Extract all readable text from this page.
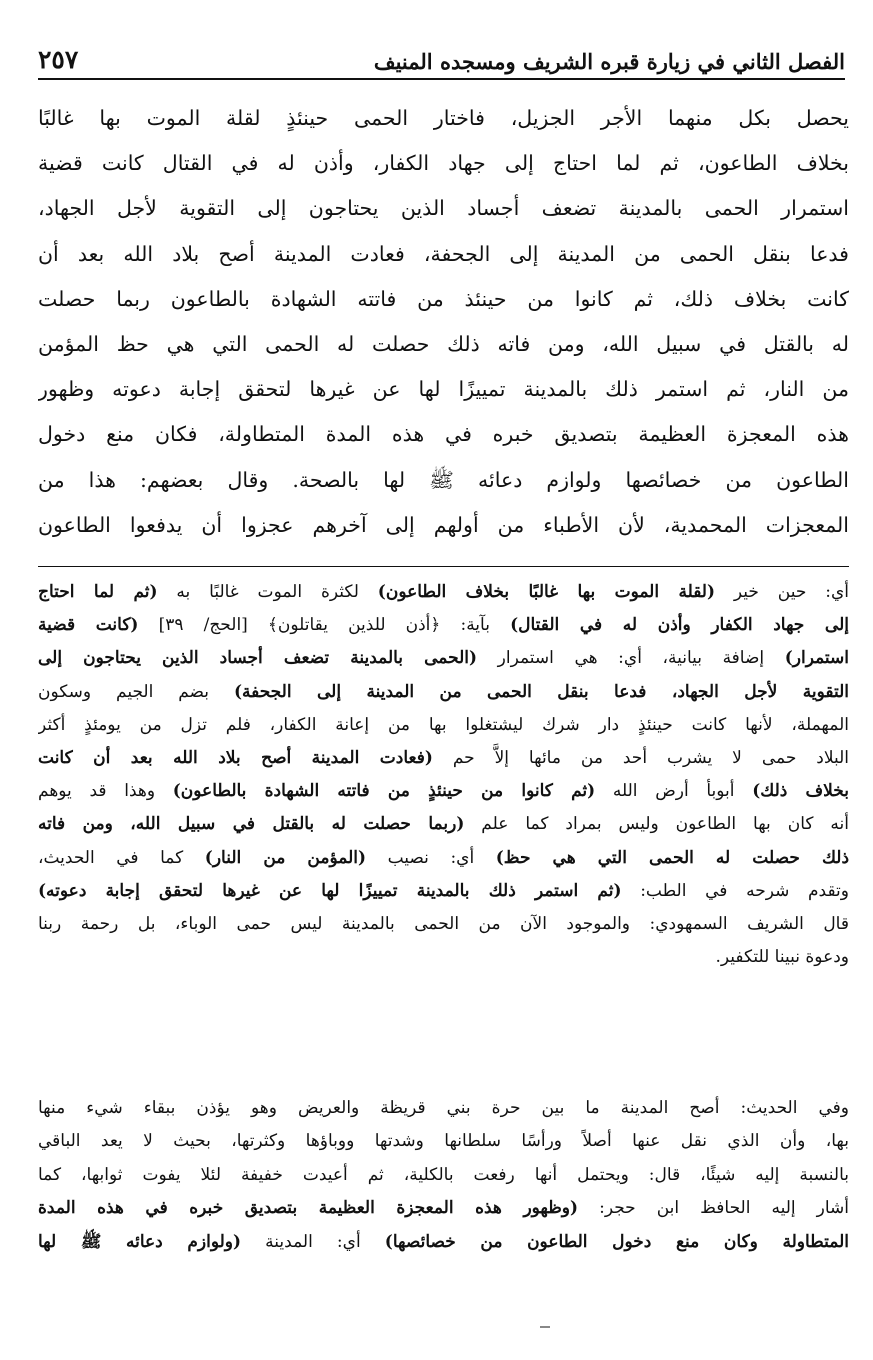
الفصل الثاني في زيارة قبره الشريف ومسجده المنيف
٢٥٧
يحصل بكل منهما الأجر الجزيل، فاختار الحمى حينئذٍ لقلة الموت بها غالبًا
بخلاف الطاعون، ثم لما احتاج إلى جهاد الكفار، وأذن له في القتال كانت قضية
استمرار الحمى بالمدينة تضعف أجساد الذين يحتاجون إلى التقوية لأجل الجهاد،
فدعا بنقل الحمى من المدينة إلى الجحفة، فعادت المدينة أصح بلاد الله بعد أن
كانت بخلاف ذلك، ثم كانوا من حينئذ من فاتته الشهادة بالطاعون ربما حصلت
له بالقتل في سبيل الله، ومن فاته ذلك حصلت له الحمى التي هي حظ المؤمن
من النار، ثم استمر ذلك بالمدينة تمييزًا لها عن غيرها لتحقق إجابة دعوته وظهور
هذه المعجزة العظيمة بتصديق خبره في هذه المدة المتطاولة، فكان منع دخول
الطاعون من خصائصها ولوازم دعائه ﷺ لها بالصحة. وقال بعضهم: هذا من
المعجزات المحمدية، لأن الأطباء من أولهم إلى آخرهم عجزوا أن يدفعوا الطاعون
أي: حين خير (لقلة الموت بها غالبًا بخلاف الطاعون) لكثرة الموت غالبًا به (ثم لما احتاج
إلى جهاد الكفار وأذن له في القتال) بآية: ﴿أذن للذين يقاتلون﴾ [الحج/ ٣٩] (كانت قضية
استمرار) إضافة بيانية، أي: هي استمرار (الحمى بالمدينة تضعف أجساد الذين يحتاجون إلى
التقوية لأجل الجهاد، فدعا بنقل الحمى من المدينة إلى الجحفة) بضم الجيم وسكون
المهملة، لأنها كانت حينئذٍ دار شرك ليشتغلوا بها من إعانة الكفار، فلم تزل من يومئذٍ أكثر
البلاد حمى لا يشرب أحد من مائها إلاَّ حم (فعادت المدينة أصح بلاد الله بعد أن كانت
بخلاف ذلك) أبوبأ أرض الله (ثم كانوا من حينئذٍ من فاتته الشهادة بالطاعون) وهذا قد يوهم
أنه كان بها الطاعون وليس بمراد كما علم (ربما حصلت له بالقتل في سبيل الله، ومن فاته
ذلك حصلت له الحمى التي هي حظ) أي: نصيب (المؤمن من النار) كما في الحديث،
وتقدم شرحه في الطب: (ثم استمر ذلك بالمدينة تمييزًا لها عن غيرها لتحقق إجابة دعوته)
قال الشريف السمهودي: والموجود الآن من الحمى بالمدينة ليس حمى الوباء، بل رحمة ربنا
ودعوة نبينا للتكفير.
وفي الحديث: أصح المدينة ما بين حرة بني قريظة والعريض وهو يؤذن ببقاء شيء منها
بها، وأن الذي نقل عنها أصلاً ورأسًا سلطانها وشدتها ووباؤها وكثرتها، بحيث لا يعد الباقي
بالنسبة إليه شيئًا، قال: ويحتمل أنها رفعت بالكلية، ثم أعيدت خفيفة لئلا يفوت ثوابها، كما
أشار إليه الحافظ ابن حجر: (وظهور هذه المعجزة العظيمة بتصديق خبره في هذه المدة
المتطاولة وكان منع دخول الطاعون من خصائصها) أي: المدينة (ولوازم دعائه ﷺ لها
